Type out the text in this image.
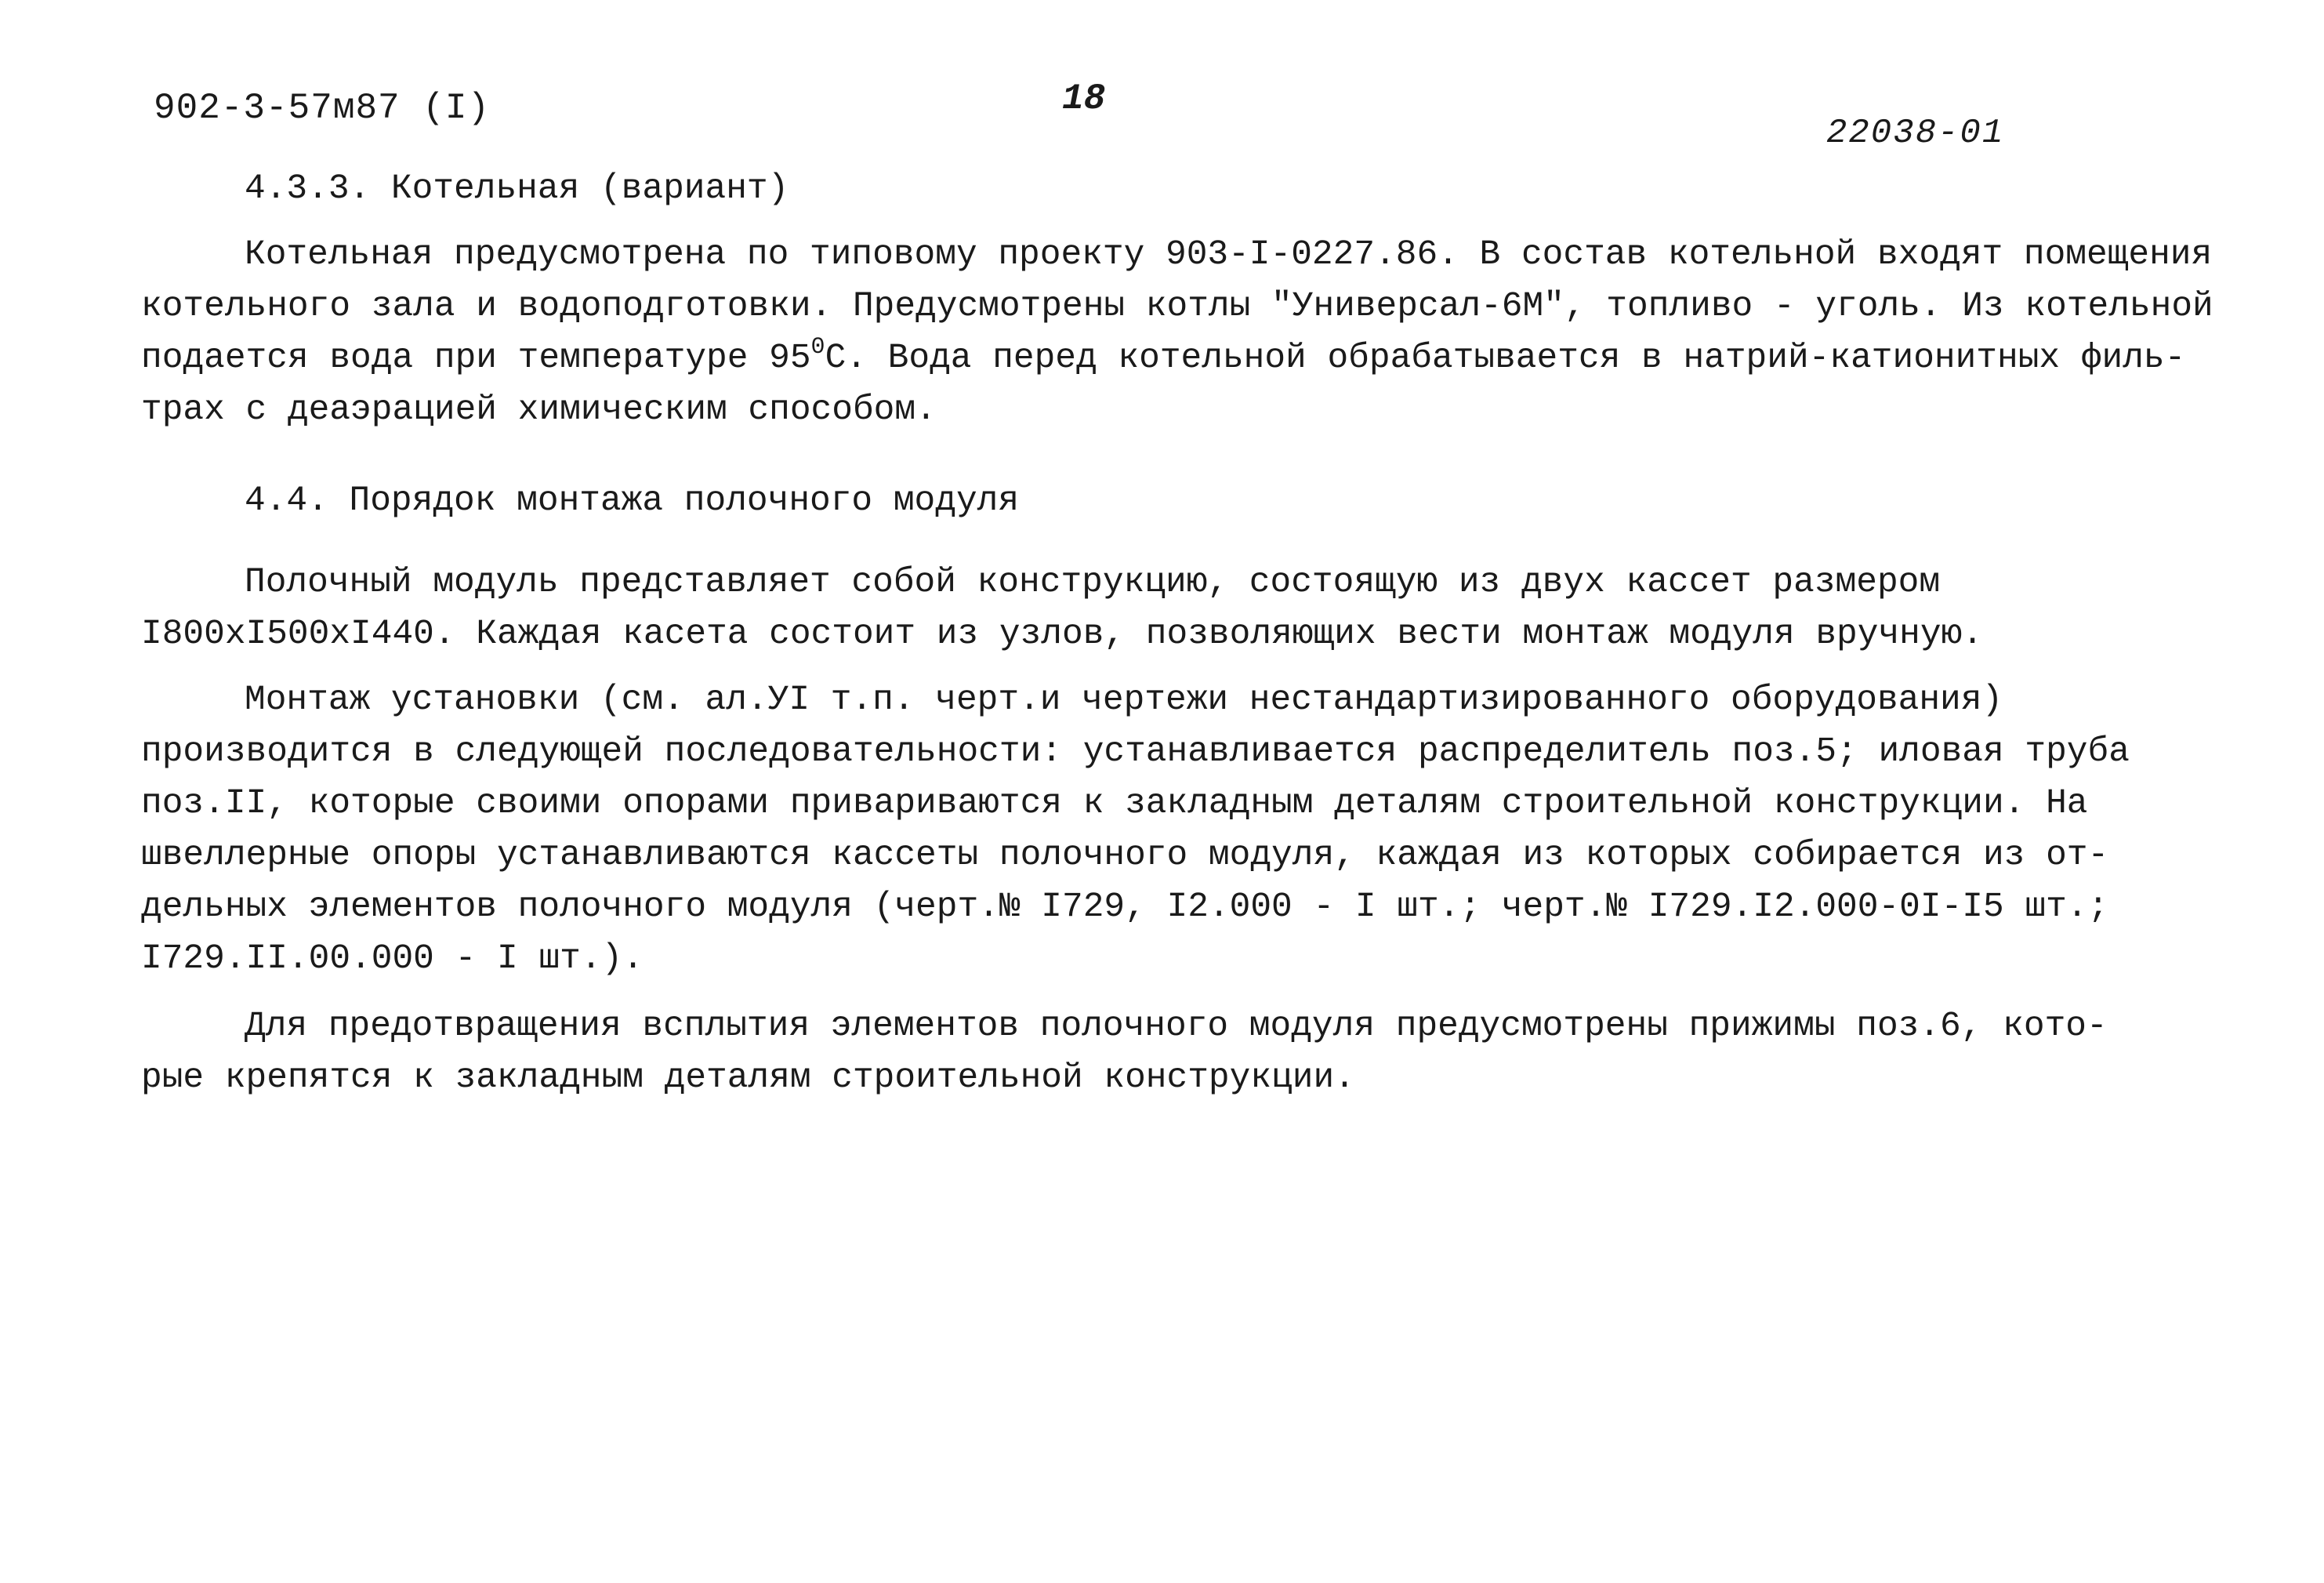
902-3-57м87 (I)	18
22038-01
4.3.3. Котельная (вариант)
Котельная предусмотрена по типовому проекту 903-I-0227.86. В состав котельной входят помещения
котельного зала и водоподготовки. Предусмотрены котлы "Универсал-6М", топливо - уголь. Из котельной
подается вода при температуре $95^0С$. Вода перед котельной обрабатывается в натрий-катионитных филь-
трах с деаэрацией химическим способом.
4.4. Порядок монтажа полочного модуля
Полочный модуль представляет собой конструкцию, состоящую из двух кассет размером
I800xI500xI440. Каждая касета состоит из узлов, позволяющих вести монтаж модуля вручную.
Монтаж установки (см. ал.УI т.п. черт.и чертежи нестандартизированного оборудования)
производится в следующей последовательности: устанавливается распределитель поз.5; иловая труба
поз.II, которые своими опорами привариваются к закладным деталям строительной конструкции. На
швеллерные опоры устанавливаются кассеты полочного модуля, каждая из которых собирается из от-
дельных элементов полочного модуля (черт.№ I729, I2.000 - I шт.; черт.№ I729.I2.000-0I-I5 шт.;
I729.II.00.000 - I шт.).
Для предотвращения всплытия элементов полочного модуля предусмотрены прижимы поз.6, кото-
рые крепятся к закладным деталям строительной конструкции.
